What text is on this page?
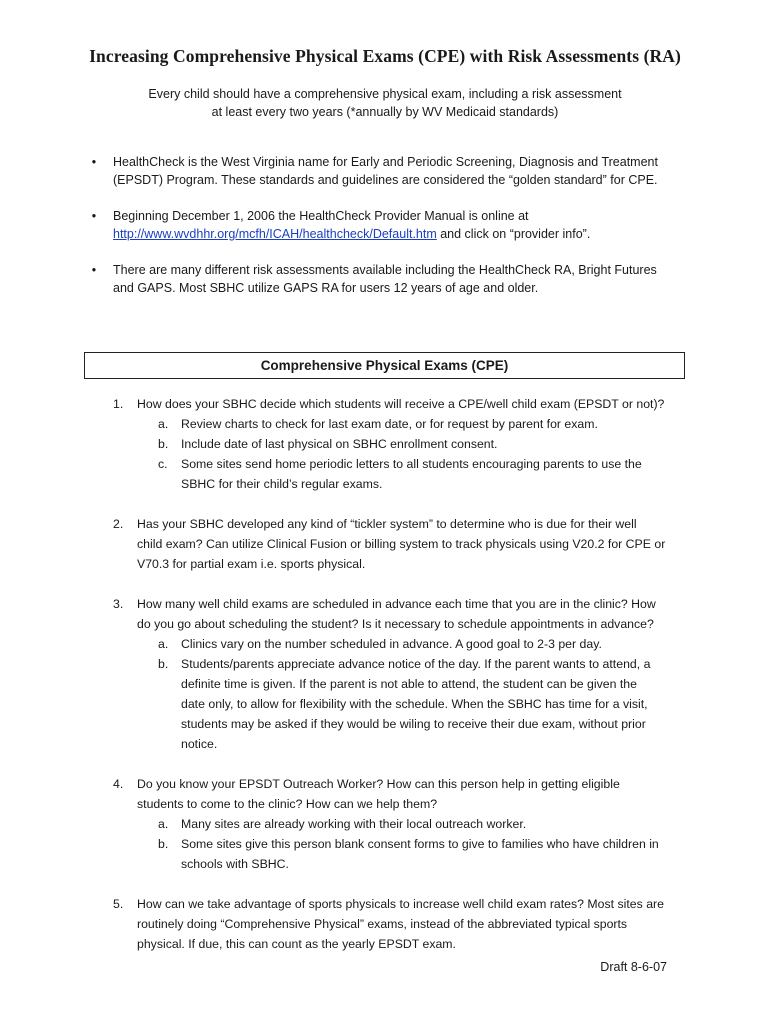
Increasing Comprehensive Physical Exams (CPE) with Risk Assessments (RA)
Every child should have a comprehensive physical exam, including a risk assessment
at least every two years (*annually by WV Medicaid standards)
•	HealthCheck is the West Virginia name for Early and Periodic Screening, Diagnosis and Treatment
(EPSDT) Program. These standards and guidelines are considered the “golden standard” for CPE.
•	Beginning December 1, 2006 the HealthCheck Provider Manual is online at
http://www.wvdhhr.org/mcfh/ICAH/healthcheck/Default.htm and click on “provider info”.
•	There are many different risk assessments available including the HealthCheck RA, Bright Futures
and GAPS. Most SBHC utilize GAPS RA for users 12 years of age and older.
Comprehensive Physical Exams (CPE)
1. How does your SBHC decide which students will receive a CPE/well child exam (EPSDT or not)?
a. Review charts to check for last exam date, or for request by parent for exam.
b. Include date of last physical on SBHC enrollment consent.
c. Some sites send home periodic letters to all students encouraging parents to use the
SBHC for their child’s regular exams.
2. Has your SBHC developed any kind of “tickler system” to determine who is due for their well
child exam? Can utilize Clinical Fusion or billing system to track physicals using V20.2 for CPE or
V70.3 for partial exam i.e. sports physical.
3. How many well child exams are scheduled in advance each time that you are in the clinic? How
do you go about scheduling the student? Is it necessary to schedule appointments in advance?
a. Clinics vary on the number scheduled in advance. A good goal to 2-3 per day.
b. Students/parents appreciate advance notice of the day. If the parent wants to attend, a
definite time is given. If the parent is not able to attend, the student can be given the
date only, to allow for flexibility with the schedule. When the SBHC has time for a visit,
students may be asked if they would be wiling to receive their due exam, without prior
notice.
4. Do you know your EPSDT Outreach Worker? How can this person help in getting eligible
students to come to the clinic? How can we help them?
a. Many sites are already working with their local outreach worker.
b. Some sites give this person blank consent forms to give to families who have children in
schools with SBHC.
5. How can we take advantage of sports physicals to increase well child exam rates? Most sites are
routinely doing “Comprehensive Physical” exams, instead of the abbreviated typical sports
physical. If due, this can count as the yearly EPSDT exam.
Draft 8-6-07
